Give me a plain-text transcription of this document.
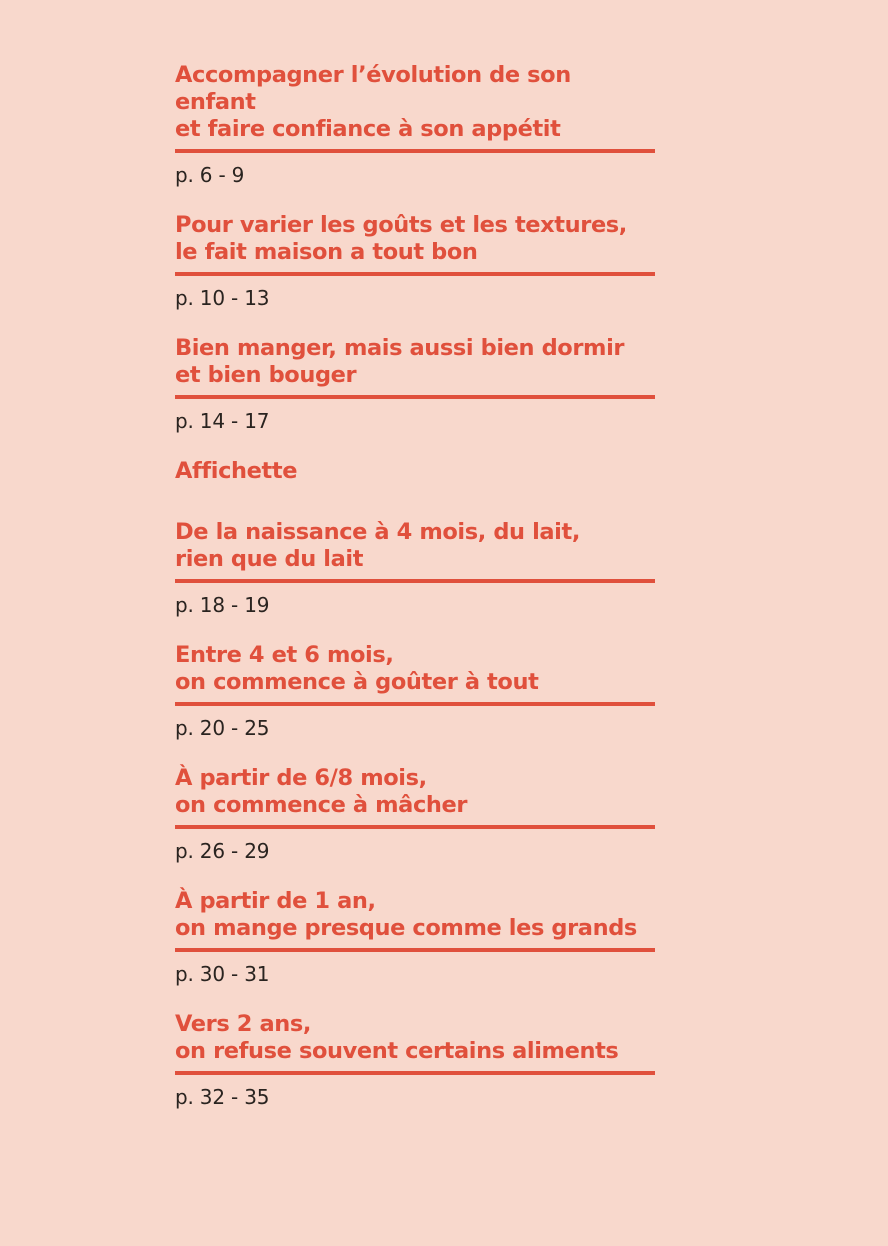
Accompagner l’évolution de son enfant
et faire confiance à son appétit
p. 6 - 9
Pour varier les goûts et les textures,
le fait maison a tout bon
p. 10 - 13
Bien manger, mais aussi bien dormir
et bien bouger
p. 14 - 17
Affichette
De la naissance à 4 mois, du lait,
rien que du lait
p. 18 - 19
Entre 4 et 6 mois,
on commence à goûter à tout
p. 20 - 25
À partir de 6/8 mois,
on commence à mâcher
p. 26 - 29
À partir de 1 an,
on mange presque comme les grands
p. 30 - 31
Vers 2 ans,
on refuse souvent certains aliments
p. 32 - 35
